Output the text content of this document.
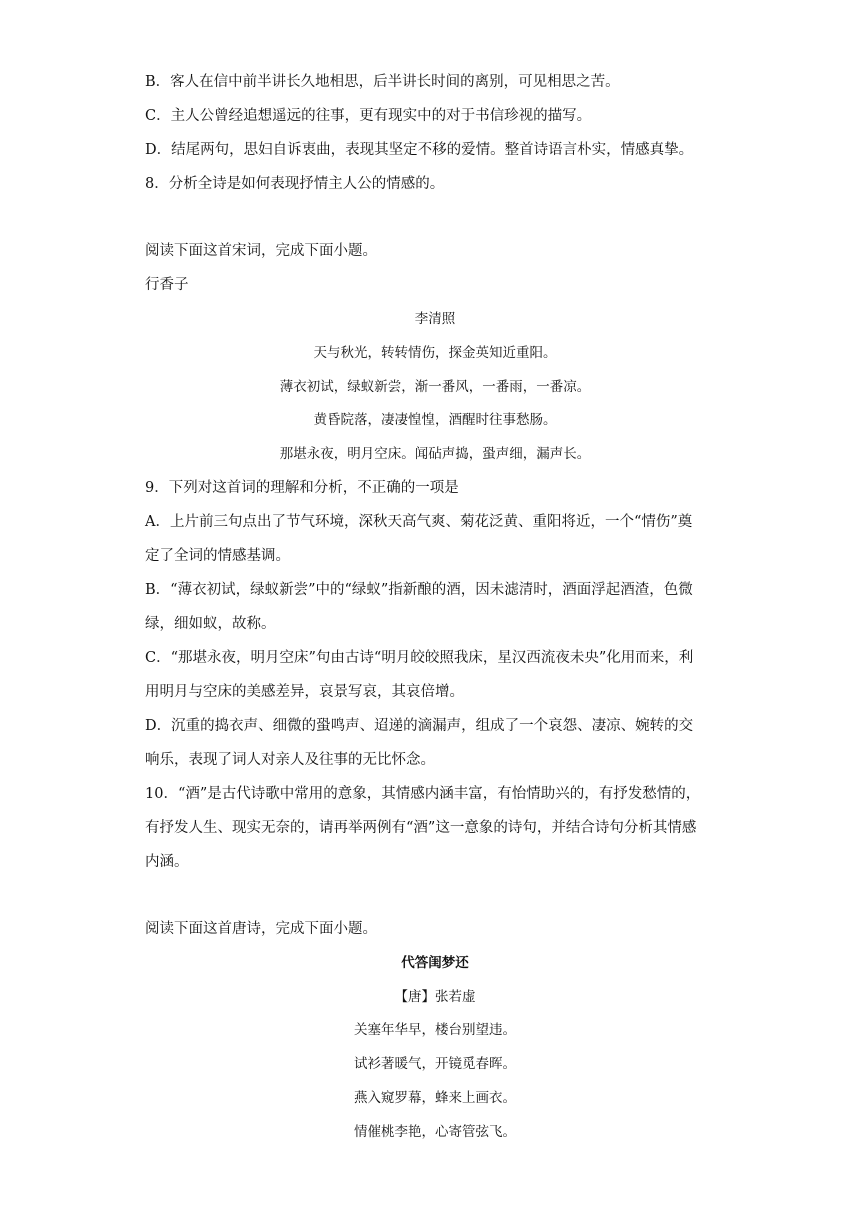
B．客人在信中前半讲长久地相思，后半讲长时间的离别，可见相思之苦。
C．主人公曾经追想遥远的往事，更有现实中的对于书信珍视的描写。
D．结尾两句，思妇自诉衷曲，表现其坚定不移的爱情。整首诗语言朴实，情感真挚。
8．分析全诗是如何表现抒情主人公的情感的。
阅读下面这首宋词，完成下面小题。
行香子
李清照
天与秋光，转转情伤，探金英知近重阳。
薄衣初试，绿蚁新尝，渐一番风，一番雨，一番凉。
黄昏院落，凄凄惶惶，酒醒时往事愁肠。
那堪永夜，明月空床。闻砧声捣，蛩声细，漏声长。
9．下列对这首词的理解和分析，不正确的一项是
A．上片前三句点出了节气环境，深秋天高气爽、菊花泛黄、重阳将近，一个“情伤”奠
定了全词的情感基调。
B．“薄衣初试，绿蚁新尝”中的“绿蚁”指新酿的酒，因未滤清时，酒面浮起酒渣，色微
绿，细如蚁，故称。
C．“那堪永夜，明月空床”句由古诗“明月皎皎照我床，星汉西流夜未央”化用而来，利
用明月与空床的美感差异，哀景写哀，其哀倍增。
D．沉重的捣衣声、细微的蛩鸣声、迢递的滴漏声，组成了一个哀怨、凄凉、婉转的交
响乐，表现了词人对亲人及往事的无比怀念。
10．“酒”是古代诗歌中常用的意象，其情感内涵丰富，有怡情助兴的，有抒发愁情的，
有抒发人生、现实无奈的，请再举两例有“酒”这一意象的诗句，并结合诗句分析其情感
内涵。
阅读下面这首唐诗，完成下面小题。
代答闺梦还
【唐】张若虚
关塞年华早，楼台别望违。
试衫著暖气，开镜觅春晖。
燕入窥罗幕，蜂来上画衣。
情催桃李艳，心寄管弦飞。
